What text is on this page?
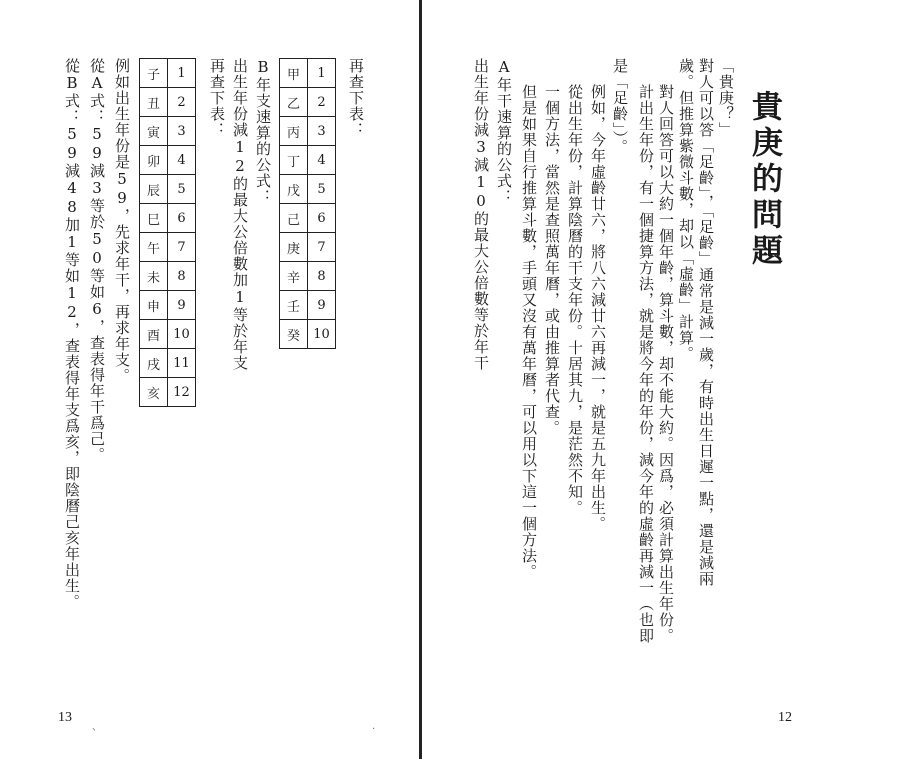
再查下表：
甲	1
乙	2
丙	3
丁	4
戊	5
己	6
庚	7
辛	8
壬	9
癸	10
B年支速算的公式：
出生年份減12的最大公倍數加1等於年支
再查下表：
子	1
丑	2
寅	3
卯	4
辰	5
巳	6
午	7
未	8
申	9
酉	10
戌	11
亥	12
例如出生年份是59，先求年干，再求年支。
從A式：59減3等於50等如6，查表得年干爲己。
從B式：59減48加1等如12，查表得年支爲亥，即陰曆己亥年出生。
13
、	·
貴庚的問題
「貴庚？」
對人可以答「足齡」，「足齡」通常是減一歲，有時出生日遲一點，還是減兩
歲。但推算紫微斗數，却以「虛齡」計算。
對人回答可以大約一個年齡，算斗數，却不能大約。因爲，必須計算出生年份。
計出生年份，有一個捷算方法，就是將今年的年份，減今年的虛齡再減一（也即
是「足齡」）。
例如，今年虛齡廿六，將八六減廿六再減一，就是五九年出生。
從出生年份，計算陰曆的干支年份。十居其九，是茫然不知。
一個方法，當然是查照萬年曆，或由推算者代查。
但是如果自行推算斗數，手頭又沒有萬年曆，可以用以下這一個方法。
A年干速算的公式：
出生年份減3減10的最大公倍數等於年干
12
